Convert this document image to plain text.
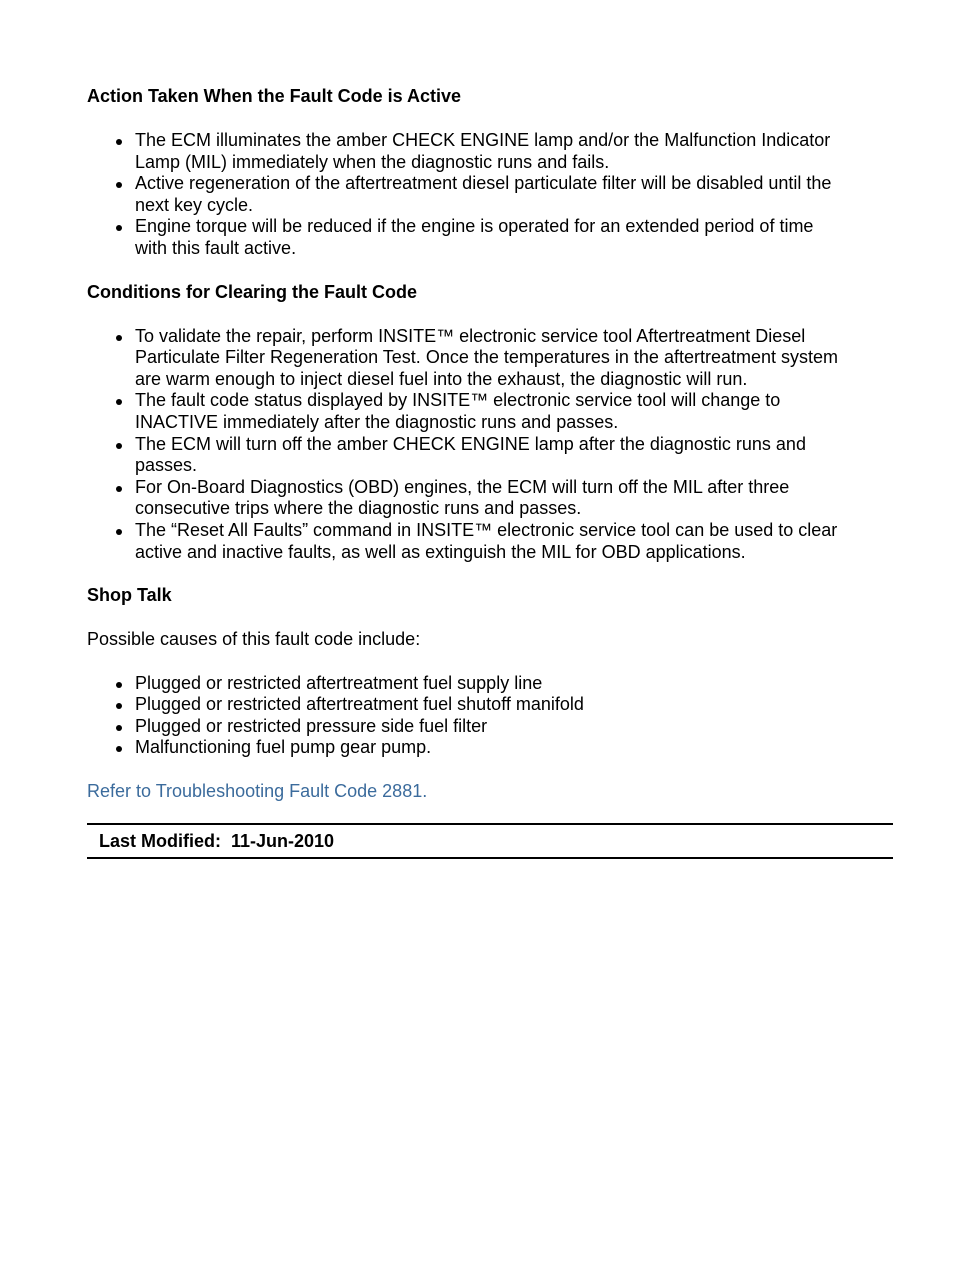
Action Taken When the Fault Code is Active

The ECM illuminates the amber CHECK ENGINE lamp and/or the Malfunction Indicator
Lamp (MIL) immediately when the diagnostic runs and fails.
Active regeneration of the aftertreatment diesel particulate filter will be disabled until the
next key cycle.
Engine torque will be reduced if the engine is operated for an extended period of time
with this fault active.

Conditions for Clearing the Fault Code

To validate the repair, perform INSITE™ electronic service tool Aftertreatment Diesel
Particulate Filter Regeneration Test. Once the temperatures in the aftertreatment system
are warm enough to inject diesel fuel into the exhaust, the diagnostic will run.
The fault code status displayed by INSITE™ electronic service tool will change to
INACTIVE immediately after the diagnostic runs and passes.
The ECM will turn off the amber CHECK ENGINE lamp after the diagnostic runs and
passes.
For On-Board Diagnostics (OBD) engines, the ECM will turn off the MIL after three
consecutive trips where the diagnostic runs and passes.
The “Reset All Faults” command in INSITE™ electronic service tool can be used to clear
active and inactive faults, as well as extinguish the MIL for OBD applications.

Shop Talk

Possible causes of this fault code include:

Plugged or restricted aftertreatment fuel supply line
Plugged or restricted aftertreatment fuel shutoff manifold
Plugged or restricted pressure side fuel filter
Malfunctioning fuel pump gear pump.

Refer to Troubleshooting Fault Code 2881.

Last Modified: 11-Jun-2010
